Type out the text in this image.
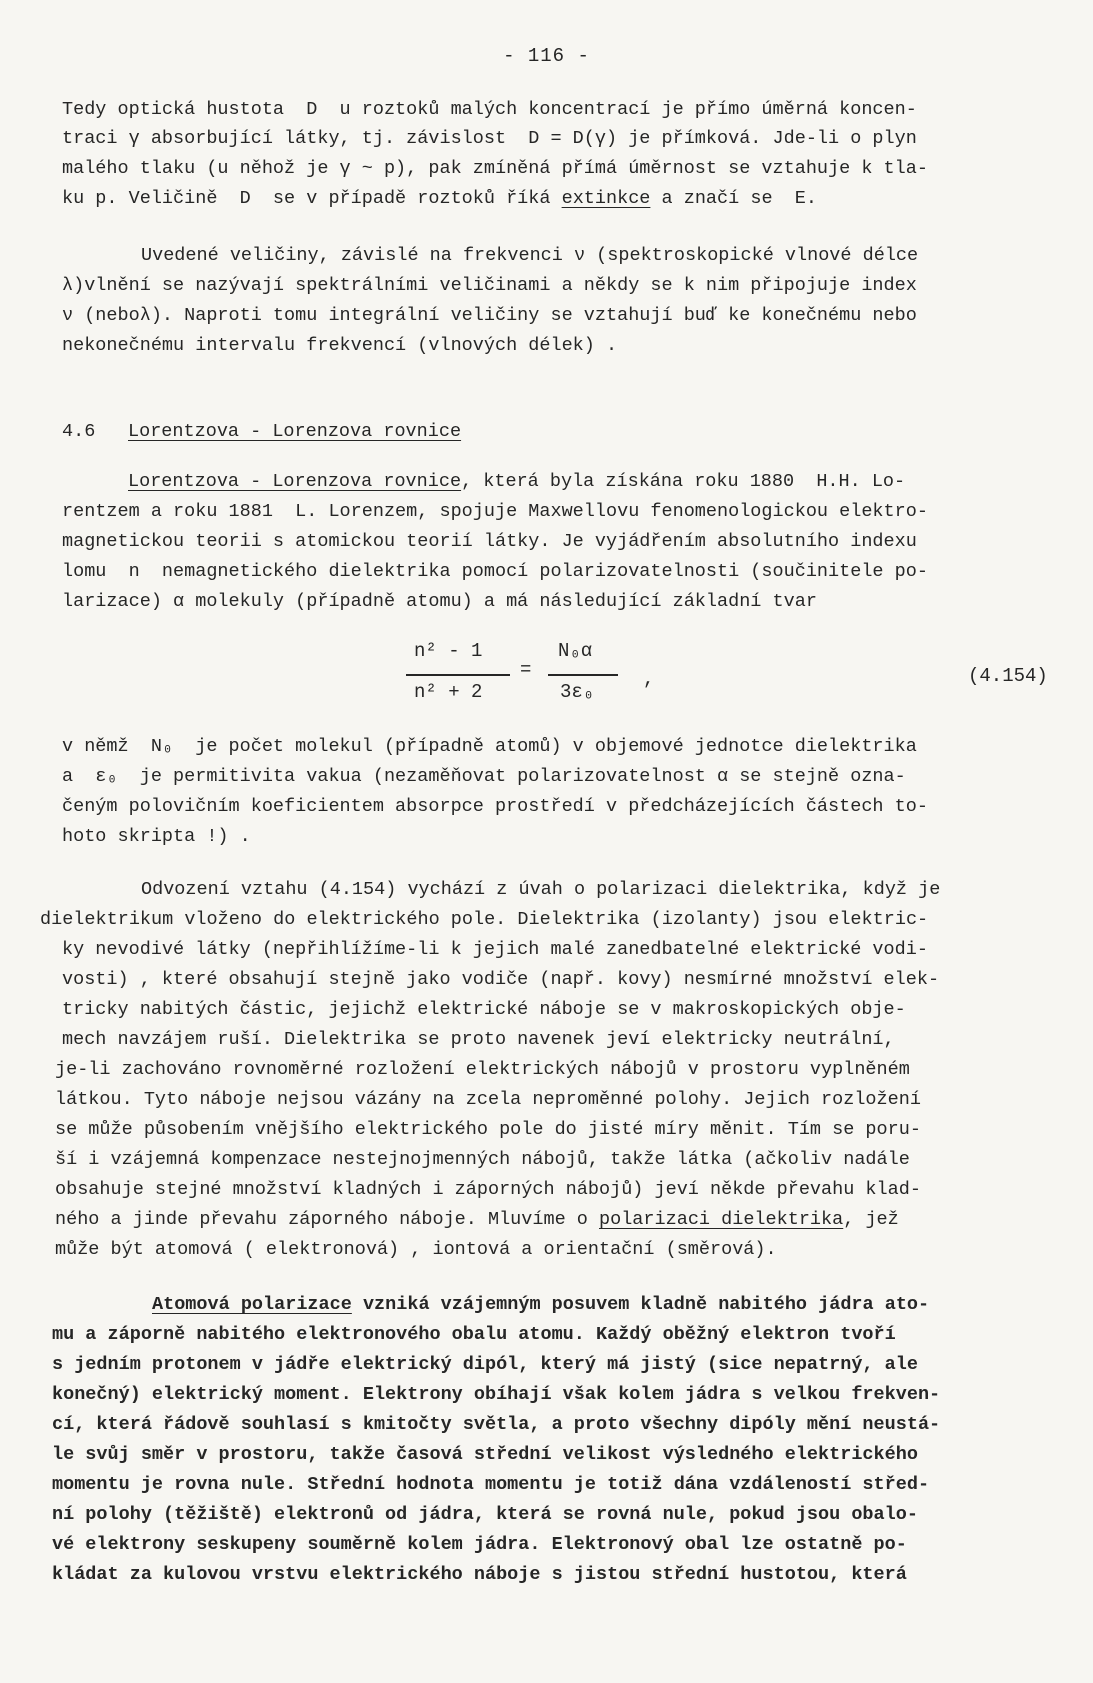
- 116 -
Tedy optická hustota  D  u roztoků malých koncentrací je přímo úměrná koncen-
traci γ absorbující látky, tj. závislost  D = D(γ) je přímková. Jde-li o plyn
malého tlaku (u něhož je γ ~ p), pak zmíněná přímá úměrnost se vztahuje k tla-
ku p. Veličině  D  se v případě roztoků říká extinkce a značí se  E.
Uvedené veličiny, závislé na frekvenci ν (spektroskopické vlnové délce
λ)vlnění se nazývají spektrálními veličinami a někdy se k nim připojuje index
ν (neboλ). Naproti tomu integrální veličiny se vztahují buď ke konečnému nebo
nekonečnému intervalu frekvencí (vlnových délek) .
4.6 Lorentzova - Lorenzova rovnice
Lorentzova - Lorenzova rovnice, která byla získána roku 1880  H.H. Lo-
rentzem a roku 1881  L. Lorenzem, spojuje Maxwellovu fenomenologickou elektro-
magnetickou teorii s atomickou teorií látky. Je vyjádřením absolutního indexu
lomu  n  nemagnetického dielektrika pomocí polarizovatelnosti (součinitele po-
larizace) α molekuly (případně atomu) a má následující základní tvar
n² - 1
n² + 2
=
N₀α
3ε₀
,	(4.154)
v němž  N₀  je počet molekul (případně atomů) v objemové jednotce dielektrika
a  ε₀  je permitivita vakua (nezaměňovat polarizovatelnost α se stejně ozna-
čeným polovičním koeficientem absorpce prostředí v předcházejících částech to-
hoto skripta !) .
Odvození vztahu (4.154) vychází z úvah o polarizaci dielektrika, když je
dielektrikum vloženo do elektrického pole. Dielektrika (izolanty) jsou elektric-
ky nevodivé látky (nepřihlížíme-li k jejich malé zanedbatelné elektrické vodi-
vosti) , které obsahují stejně jako vodiče (např. kovy) nesmírné množství elek-
tricky nabitých částic, jejichž elektrické náboje se v makroskopických obje-
mech navzájem ruší. Dielektrika se proto navenek jeví elektricky neutrální,
je-li zachováno rovnoměrné rozložení elektrických nábojů v prostoru vyplněném
látkou. Tyto náboje nejsou vázány na zcela neproměnné polohy. Jejich rozložení
se může působením vnějšího elektrického pole do jisté míry měnit. Tím se poru-
ší i vzájemná kompenzace nestejnojmenných nábojů, takže látka (ačkoliv nadále
obsahuje stejné množství kladných i záporných nábojů) jeví někde převahu klad-
ného a jinde převahu záporného náboje. Mluvíme o polarizaci dielektrika, jež
může být atomová ( elektronová) , iontová a orientační (směrová).
Atomová polarizace vzniká vzájemným posuvem kladně nabitého jádra ato-
mu a záporně nabitého elektronového obalu atomu. Každý oběžný elektron tvoří
s jedním protonem v jádře elektrický dipól, který má jistý (sice nepatrný, ale
konečný) elektrický moment. Elektrony obíhají však kolem jádra s velkou frekven-
cí, která řádově souhlasí s kmitočty světla, a proto všechny dipóly mění neustá-
le svůj směr v prostoru, takže časová střední velikost výsledného elektrického
momentu je rovna nule. Střední hodnota momentu je totiž dána vzdáleností střed-
ní polohy (těžiště) elektronů od jádra, která se rovná nule, pokud jsou obalo-
vé elektrony seskupeny souměrně kolem jádra. Elektronový obal lze ostatně po-
kládat za kulovou vrstvu elektrického náboje s jistou střední hustotou, která
